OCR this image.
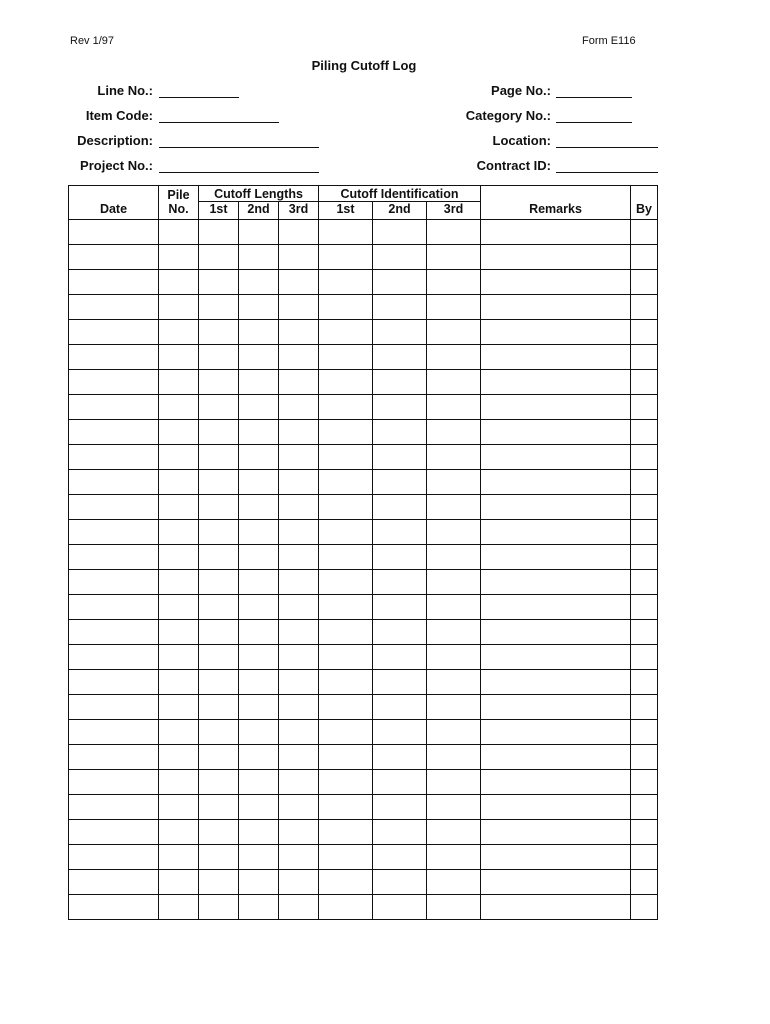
Rev 1/97	Form E116
Piling Cutoff Log
Line No.:
Item Code:
Description:
Project No.:
Page No.:
Category No.:
Location:
Contract ID:
	Pile	Cutoff Lengths			Cutoff Identification				
Date	No.	1st	2nd	3rd	1st	2nd	3rd	Remarks	By
